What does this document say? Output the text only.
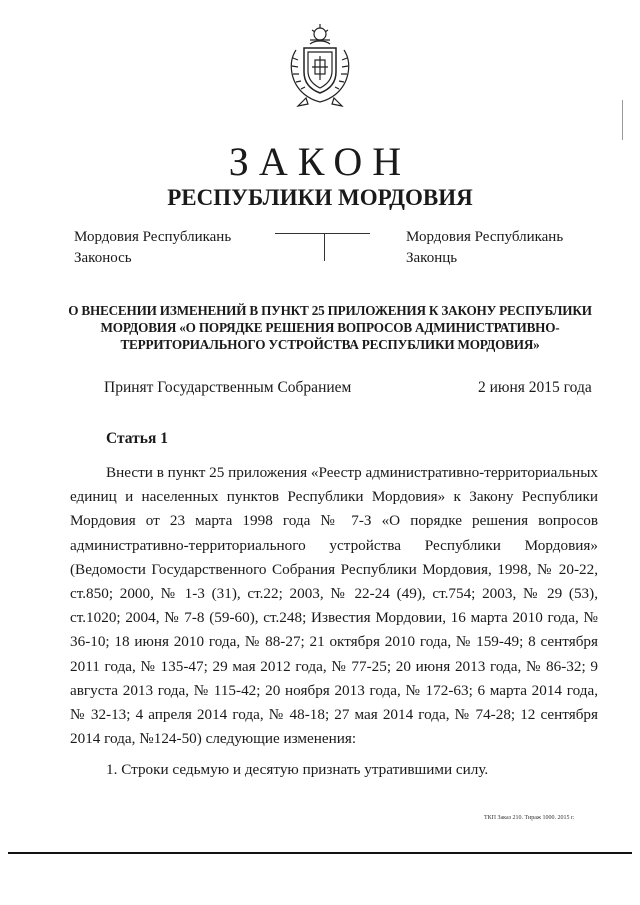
ЗАКОН
РЕСПУБЛИКИ МОРДОВИЯ
Мордовия Республикань
Законось
Мордовия Республикань
Законць
О ВНЕСЕНИИ ИЗМЕНЕНИЙ В ПУНКТ 25 ПРИЛОЖЕНИЯ К ЗАКОНУ РЕСПУБЛИКИ МОРДОВИЯ «О ПОРЯДКЕ РЕШЕНИЯ ВОПРОСОВ АДМИНИСТРАТИВНО-ТЕРРИТОРИАЛЬНОГО УСТРОЙСТВА РЕСПУБЛИКИ МОРДОВИЯ»
Принят Государственным Собранием	2 июня 2015 года
Статья 1

Внести в пункт 25 приложения «Реестр административно-территориальных единиц и населенных пунктов Республики Мордовия» к Закону Республики Мордовия от 23 марта 1998 года № 7-З «О порядке решения вопросов административно-территориального устройства Республики Мордовия» (Ведомости Государственного Собрания Республики Мордовия, 1998, № 20-22, ст.850; 2000, № 1-3 (31), ст.22; 2003, № 22-24 (49), ст.754; 2003, № 29 (53), ст.1020; 2004, № 7-8 (59-60), ст.248; Известия Мордовии, 16 марта 2010 года, № 36-10; 18 июня 2010 года, № 88-27; 21 октября 2010 года, № 159-49; 8 сентября 2011 года, № 135-47; 29 мая 2012 года, № 77-25; 20 июня 2013 года, № 86-32; 9 августа 2013 года, № 115-42; 20 ноября 2013 года, № 172-63; 6 марта 2014 года, № 32-13; 4 апреля 2014 года, № 48-18; 27 мая 2014 года, № 74-28; 12 сентября 2014 года, №124-50) следующие изменения:

1. Строки седьмую и десятую признать утратившими силу.
ТКП Заказ 210. Тираж 1000. 2015 г.
